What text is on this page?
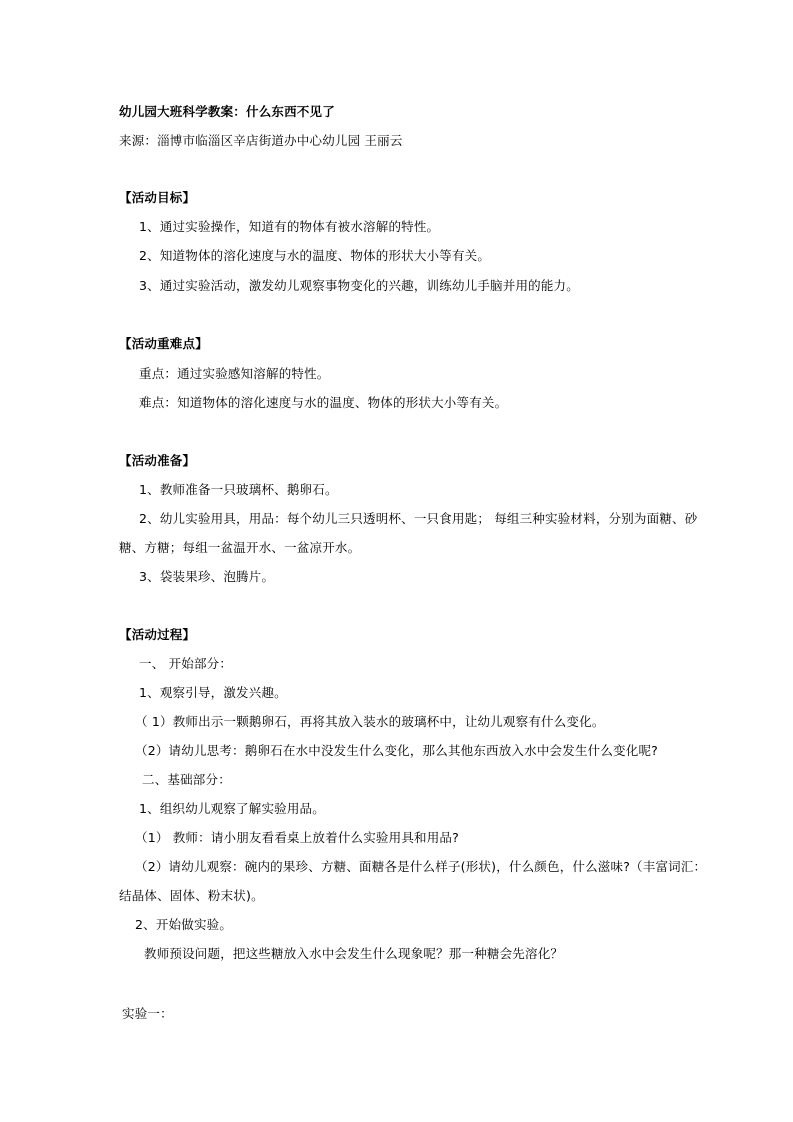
幼儿园大班科学教案：什么东西不见了
来源：淄博市临淄区辛店街道办中心幼儿园 王丽云
【活动目标】
1、通过实验操作，知道有的物体有被水溶解的特性。
2、知道物体的溶化速度与水的温度、物体的形状大小等有关。
3、通过实验活动，激发幼儿观察事物变化的兴趣，训练幼儿手脑并用的能力。
【活动重难点】
重点：通过实验感知溶解的特性。
难点：知道物体的溶化速度与水的温度、物体的形状大小等有关。
【活动准备】
1、教师准备一只玻璃杯、鹅卵石。
2、幼儿实验用具，用品：每个幼儿三只透明杯、一只食用匙； 每组三种实验材料，分别为面糖、砂
糖、方糖；每组一盆温开水、一盆凉开水。
3、袋装果珍、泡腾片。
【活动过程】
一、 开始部分：
1、观察引导，激发兴趣。
（ 1）教师出示一颗鹅卵石，再将其放入装水的玻璃杯中，让幼儿观察有什么变化。
（2）请幼儿思考：鹅卵石在水中没发生什么变化，那么其他东西放入水中会发生什么变化呢?
二、基础部分：
1、组织幼儿观察了解实验用品。
（1） 教师：请小朋友看看桌上放着什么实验用具和用品?
（2）请幼儿观察：碗内的果珍、方糖、面糖各是什么样子(形状)，什么颜色，什么滋味?（丰富词汇：
结晶体、固体、粉末状)。
2、开始做实验。
教师预设问题，把这些糖放入水中会发生什么现象呢？那一种糖会先溶化？
实验一：
